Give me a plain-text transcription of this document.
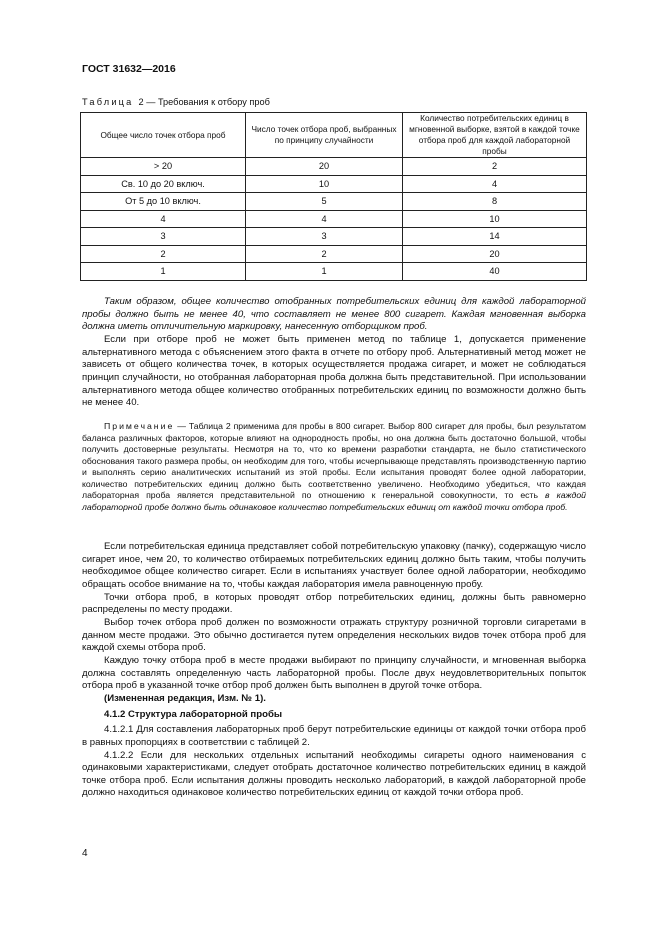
ГОСТ 31632—2016
Таблица 2 — Требования к отбору проб
Общее число точек отбора проб	Число точек отбора проб, выбранных по принципу случайности	Количество потребительских единиц в мгновенной выборке, взятой в каждой точке отбора проб для каждой лабораторной пробы
> 20	20	2
Св. 10 до 20 включ.	10	4
От 5 до 10 включ.	5	8
4	4	10
3	3	14
2	2	20
1	1	40

Таким образом, общее количество отобранных потребительских единиц для каждой лабораторной пробы должно быть не менее 40, что составляет не менее 800 сигарет. Каждая мгновенная выборка должна иметь отличительную маркировку, нанесенную отборщиком проб.

Если при отборе проб не может быть применен метод по таблице 1, допускается применение альтернативного метода с объяснением этого факта в отчете по отбору проб. Альтернативный метод может не зависеть от общего количества точек, в которых осуществляется продажа сигарет, и может не соблюдаться принцип случайности, но отобранная лабораторная проба должна быть представительной. При использовании альтернативного метода общее количество отобранных потребительских единиц по возможности должно быть не менее 40.

Примечание — Таблица 2 применима для пробы в 800 сигарет. Выбор 800 сигарет для пробы, был результатом баланса различных факторов, которые влияют на однородность пробы, но она должна быть достаточно большой, чтобы получить достоверные результаты. Несмотря на то, что ко времени разработки стандарта, не было статистического обоснования такого размера пробы, он необходим для того, чтобы исчерпывающе представлять производственную партию и выполнять серию аналитических испытаний из этой пробы. Если испытания проводят более одной лаборатории, количество потребительских единиц должно быть соответственно увеличено. Необходимо убедиться, что каждая лабораторная проба является представительной по отношению к генеральной совокупности, то есть в каждой лабораторной пробе должно быть одинаковое количество потребительских единиц от каждой точки отбора проб.

Если потребительская единица представляет собой потребительскую упаковку (пачку), содержащую число сигарет иное, чем 20, то количество отбираемых потребительских единиц должно быть таким, чтобы получить необходимое общее количество сигарет. Если в испытаниях участвует более одной лаборатории, необходимо обращать особое внимание на то, чтобы каждая лаборатория имела равноценную пробу.

Точки отбора проб, в которых проводят отбор потребительских единиц, должны быть равномерно распределены по месту продажи.

Выбор точек отбора проб должен по возможности отражать структуру розничной торговли сигаретами в данном месте продажи. Это обычно достигается путем определения нескольких видов точек отбора проб для каждой схемы отбора проб.

Каждую точку отбора проб в месте продажи выбирают по принципу случайности, и мгновенная выборка должна составлять определенную часть лабораторной пробы. После двух неудовлетворительных попыток отбора проб в указанной точке отбор проб должен быть выполнен в другой точке отбора.

(Измененная редакция, Изм. № 1).

4.1.2 Структура лабораторной пробы

4.1.2.1 Для составления лабораторных проб берут потребительские единицы от каждой точки отбора проб в равных пропорциях в соответствии с таблицей 2.

4.1.2.2 Если для нескольких отдельных испытаний необходимы сигареты одного наименования с одинаковыми характеристиками, следует отобрать достаточное количество потребительских единиц в каждой точке отбора проб. Если испытания должны проводить несколько лабораторий, в каждой лабораторной пробе должно находиться одинаковое количество потребительских единиц от каждой точки отбора проб.

4
